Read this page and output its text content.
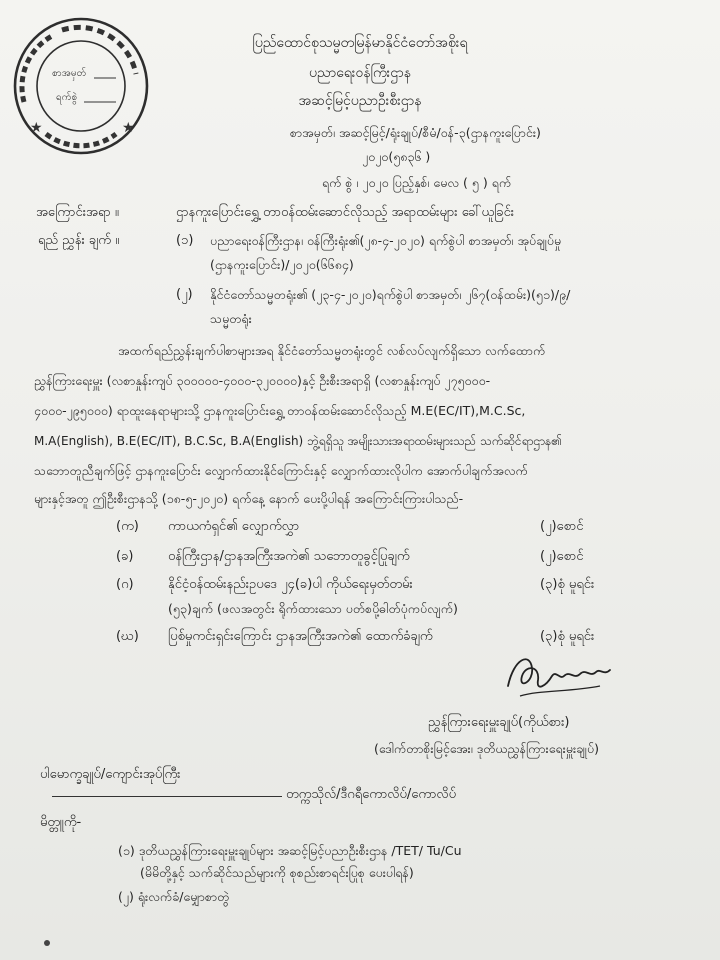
★	★
စာအမှတ်
ရက်စွဲ
ပြည်ထောင်စုသမ္မတမြန်မာနိုင်ငံတော်အစိုးရ
ပညာရေးဝန်ကြီးဌာန
အဆင့်မြင့်ပညာဦးစီးဌာန
စာအမှတ်၊ အဆင့်မြင့်/ရုံးချုပ်/စီမံ/ဝန်-၃(ဌာနကူးပြောင်း)
၂၀၂၀(၅၈၃၆ )
ရက် စွဲ ၊ ၂၀၂၀ ပြည့်နှစ်၊ မေလ ( ၅ ) ရက်
အကြောင်းအရာ ။	ဌာနကူးပြောင်းရွှေ့ တာဝန်ထမ်းဆောင်လိုသည့် အရာထမ်းများ ခေါ်ယူခြင်း
ရည် ညွှန်း ချက် ။	(၁) ပညာရေးဝန်ကြီးဌာန၊ ဝန်ကြီးရုံး၏(၂၈-၄-၂၀၂၀) ရက်စွဲပါ စာအမှတ်၊ အုပ်ချုပ်မှု
(ဌာနကူးပြောင်း)/၂၀၂၀(၆၆၈၄)
(၂) နိုင်ငံတော်သမ္မတရုံး၏ (၂၃-၄-၂၀၂၀)ရက်စွဲပါ စာအမှတ်၊ ၂၆၇(ဝန်ထမ်း)(၅၁)/၉/
သမ္မတရုံး
အထက်ရည်ညွှန်းချက်ပါစာများအရ နိုင်ငံတော်သမ္မတရုံးတွင် လစ်လပ်လျက်ရှိသော လက်ထောက်
ညွှန်ကြားရေးမှူး (လစာနှုန်းကျပ် ၃၀၀၀၀၀-၄၀၀၀-၃၂၀၀၀၀)နှင့် ဦးစီးအရာရှိ (လစာနှုန်းကျပ် ၂၇၅၀၀၀-
၄၀၀၀-၂၉၅၀၀၀) ရာထူးနေရာများသို့ ဌာနကူးပြောင်းရွှေ့ တာဝန်ထမ်းဆောင်လိုသည့် M.E(EC/IT),M.C.Sc,
M.A(English), B.E(EC/IT), B.C.Sc, B.A(English) ဘွဲ့ရရှိသူ အမျိုးသားအရာထမ်းများသည် သက်ဆိုင်ရာဌာန၏
သဘောတူညီချက်ဖြင့် ဌာနကူးပြောင်း လျှောက်ထားနိုင်ကြောင်းနှင့် လျှောက်ထားလိုပါက အောက်ပါချက်အလက်
များနှင့်အတူ ဤဦးစီးဌာနသို့ (၁၈-၅-၂၀၂၀) ရက်နေ့ နောက် ပေးပို့ပါရန် အကြောင်းကြားပါသည်-
(က) ကာယကံရှင်၏ လျှောက်လွှာ	(၂)စောင်
(ခ)	ဝန်ကြီးဌာန/ဌာနအကြီးအကဲ၏ သဘောတူခွင့်ပြုချက်	(၂)စောင်
(ဂ)	နိုင်ငံ့ဝန်ထမ်းနည်းဥပဒေ ၂၄(ခ)ပါ ကိုယ်ရေးမှတ်တမ်း	(၃)စုံ မူရင်း
(၅၃)ချက် (ဖလအတွင်း ရိုက်ထားသော ပတ်စပို့ဓါတ်ပုံကပ်လျက်)
(ဃ) ပြစ်မှုကင်းရှင်းကြောင်း ဌာနအကြီးအကဲ၏ ထောက်ခံချက်	(၃)စုံ မူရင်း
ညွှန်ကြားရေးမှူးချုပ်(ကိုယ်စား)
(ဒေါက်တာစိုးမြင့်အေး၊ ဒုတိယညွှန်ကြားရေးမှူးချုပ်)
ပါမောက္ခချုပ်/ကျောင်းအုပ်ကြီး
တက္ကသိုလ်/ဒီဂရီကောလိပ်/ကောလိပ်
မိတ္တူကို-
(၁) ဒုတိယညွှန်ကြားရေးမှူးချုပ်များ အဆင့်မြင့်ပညာဦးစီးဌာန /TET/ Tu/Cu
(မိမိတို့နှင့် သက်ဆိုင်သည်များကို စုစည်းစာရင်းပြုစု ပေးပါရန်)
(၂) ရုံးလက်ခံ/မျှောစာတွဲ
